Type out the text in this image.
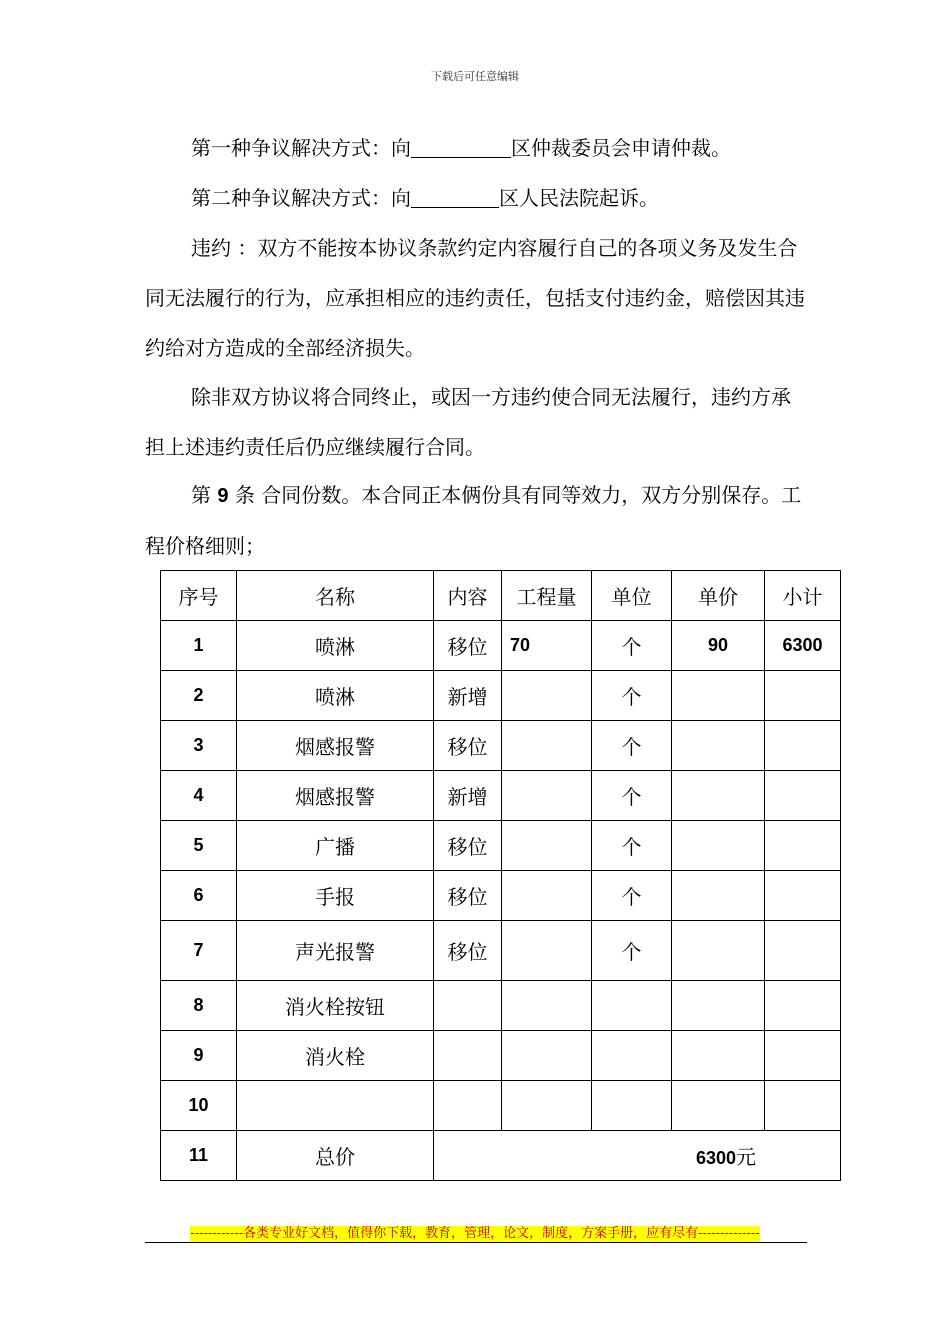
下载后可任意编辑

第一种争议解决方式：向	区仲裁委员会申请仲裁。

第二种争议解决方式：向	区人民法院起诉。

违约 ：双方不能按本协议条款约定内容履行自己的各项义务及发生合同无法履行的行为，应承担相应的违约责任，包括支付违约金，赔偿因其违约给对方造成的全部经济损失。

除非双方协议将合同终止，或因一方违约使合同无法履行，违约方承担上述违约责任后仍应继续履行合同。

第 9 条 合同份数。本合同正本俩份具有同等效力，双方分别保存。工程价格细则；

序号	名称	内容	工程量	单位	单价	小计
1	喷淋	移位	70	个	90	6300
2	喷淋	新增		个		
3	烟感报警	移位		个		
4	烟感报警	新增		个		
5	广播	移位		个		
6	手报	移位		个		
7	声光报警	移位		个		
8	消火栓按钮					
9	消火栓					
10						
11	总价	6300元				
------------各类专业好文档，值得你下载，教育，管理，论文，制度，方案手册，应有尽有--------------
